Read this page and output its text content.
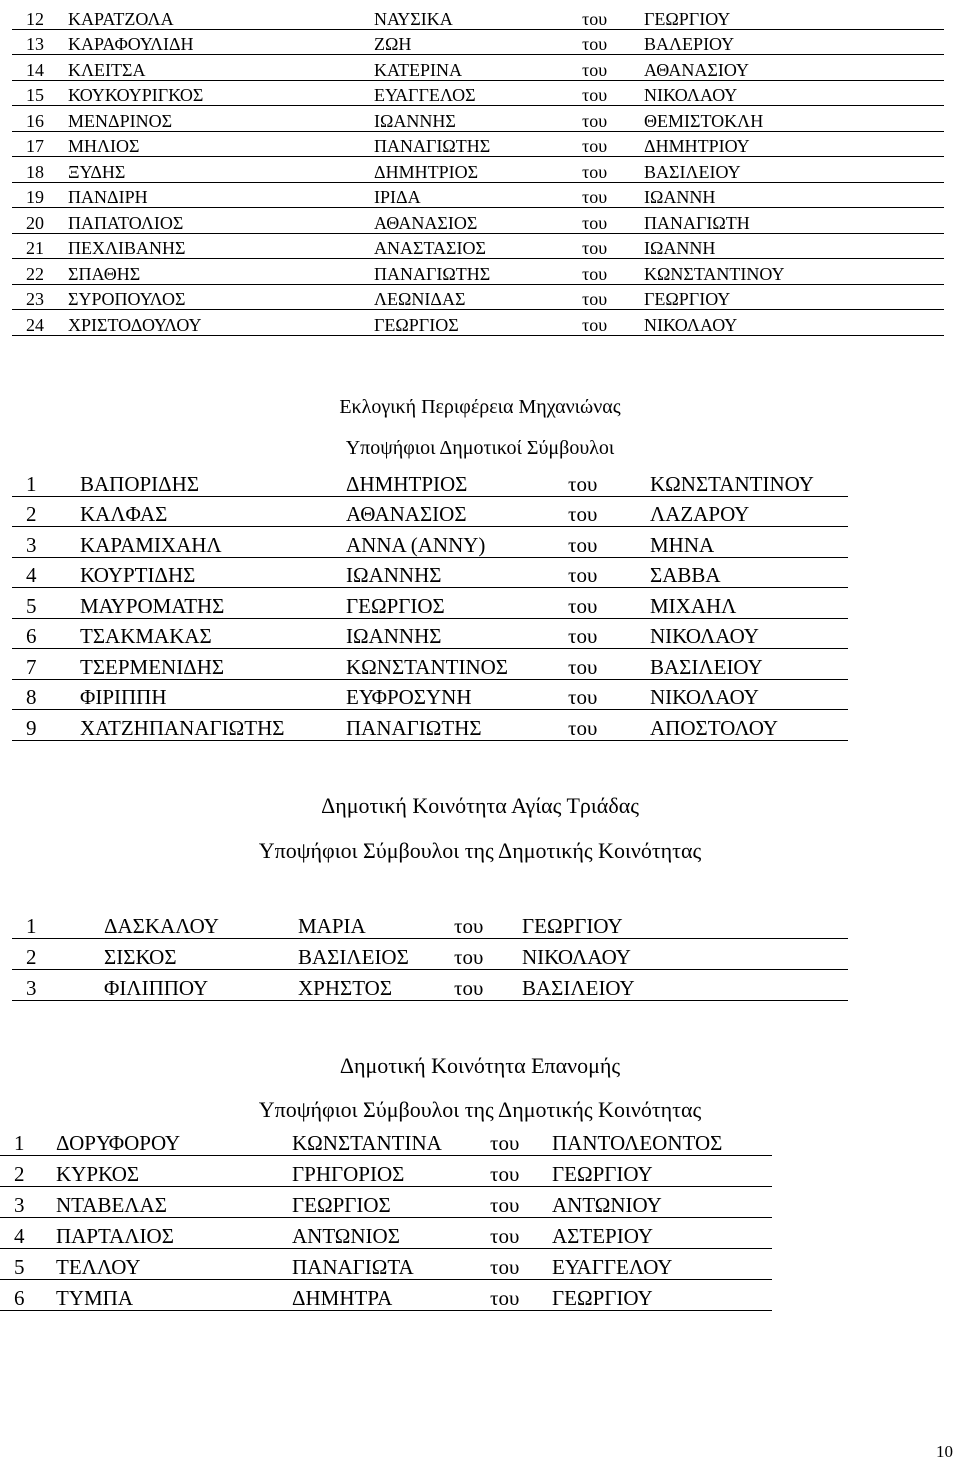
12	ΚΑΡΑΤΖΟΛΑ	ΝΑΥΣΙΚΑ	του	ΓΕΩΡΓΙΟΥ
13	ΚΑΡΑΦΟΥΛΙΔΗ	ΖΩΗ	του	ΒΑΛΕΡΙΟΥ
14	ΚΛΕΙΤΣΑ	ΚΑΤΕΡΙΝΑ	του	ΑΘΑΝΑΣΙΟΥ
15	ΚΟΥΚΟΥΡΙΓΚΟΣ	ΕΥΑΓΓΕΛΟΣ	του	ΝΙΚΟΛΑΟΥ
16	ΜΕΝΔΡΙΝΟΣ	ΙΩΑΝΝΗΣ	του	ΘΕΜΙΣΤΟΚΛΗ
17	ΜΗΛΙΟΣ	ΠΑΝΑΓΙΩΤΗΣ	του	ΔΗΜΗΤΡΙΟΥ
18	ΞΥΔΗΣ	ΔΗΜΗΤΡΙΟΣ	του	ΒΑΣΙΛΕΙΟΥ
19	ΠΑΝΔΙΡΗ	ΙΡΙΔΑ	του	ΙΩΑΝΝΗ
20	ΠΑΠΑΤΟΛΙΟΣ	ΑΘΑΝΑΣΙΟΣ	του	ΠΑΝΑΓΙΩΤΗ
21	ΠΕΧΛΙΒΑΝΗΣ	ΑΝΑΣΤΑΣΙΟΣ	του	ΙΩΑΝΝΗ
22	ΣΠΑΘΗΣ	ΠΑΝΑΓΙΩΤΗΣ	του	ΚΩΝΣΤΑΝΤΙΝΟΥ
23	ΣΥΡΟΠΟΥΛΟΣ	ΛΕΩΝΙΔΑΣ	του	ΓΕΩΡΓΙΟΥ
24	ΧΡΙΣΤΟΔΟΥΛΟΥ	ΓΕΩΡΓΙΟΣ	του	ΝΙΚΟΛΑΟΥ
Εκλογική Περιφέρεια Μηχανιώνας
Υποψήφιοι Δημοτικοί Σύμβουλοι
1	ΒΑΠΟΡΙΔΗΣ	ΔΗΜΗΤΡΙΟΣ	του	ΚΩΝΣΤΑΝΤΙΝΟΥ
2	ΚΑΛΦΑΣ	ΑΘΑΝΑΣΙΟΣ	του	ΛΑΖΑΡΟΥ
3	ΚΑΡΑΜΙΧΑΗΛ	ΑΝΝΑ (ΑΝΝΥ)	του	ΜΗΝΑ
4	ΚΟΥΡΤΙΔΗΣ	ΙΩΑΝΝΗΣ	του	ΣΑΒΒΑ
5	ΜΑΥΡΟΜΑΤΗΣ	ΓΕΩΡΓΙΟΣ	του	ΜΙΧΑΗΛ
6	ΤΣΑΚΜΑΚΑΣ	ΙΩΑΝΝΗΣ	του	ΝΙΚΟΛΑΟΥ
7	ΤΣΕΡΜΕΝΙΔΗΣ	ΚΩΝΣΤΑΝΤΙΝΟΣ	του	ΒΑΣΙΛΕΙΟΥ
8	ΦΙΡΙΠΠΗ	ΕΥΦΡΟΣΥΝΗ	του	ΝΙΚΟΛΑΟΥ
9	ΧΑΤΖΗΠΑΝΑΓΙΩΤΗΣ	ΠΑΝΑΓΙΩΤΗΣ	του	ΑΠΟΣΤΟΛΟΥ
Δημοτική Κοινότητα Αγίας Τριάδας
Υποψήφιοι Σύμβουλοι της Δημοτικής Κοινότητας
1	ΔΑΣΚΑΛΟΥ	ΜΑΡΙΑ	του	ΓΕΩΡΓΙΟΥ
2	ΣΙΣΚΟΣ	ΒΑΣΙΛΕΙΟΣ	του	ΝΙΚΟΛΑΟΥ
3	ΦΙΛΙΠΠΟΥ	ΧΡΗΣΤΟΣ	του	ΒΑΣΙΛΕΙΟΥ
Δημοτική Κοινότητα Επανομής
Υποψήφιοι Σύμβουλοι της Δημοτικής Κοινότητας
1	ΔΟΡΥΦΟΡΟΥ	ΚΩΝΣΤΑΝΤΙΝΑ	του	ΠΑΝΤΟΛΕΟΝΤΟΣ
2	ΚΥΡΚΟΣ	ΓΡΗΓΟΡΙΟΣ	του	ΓΕΩΡΓΙΟΥ
3	ΝΤΑΒΕΛΑΣ	ΓΕΩΡΓΙΟΣ	του	ΑΝΤΩΝΙΟΥ
4	ΠΑΡΤΑΛΙΟΣ	ΑΝΤΩΝΙΟΣ	του	ΑΣΤΕΡΙΟΥ
5	ΤΕΛΛΟΥ	ΠΑΝΑΓΙΩΤΑ	του	ΕΥΑΓΓΕΛΟΥ
6	ΤΥΜΠΑ	ΔΗΜΗΤΡΑ	του	ΓΕΩΡΓΙΟΥ
10
